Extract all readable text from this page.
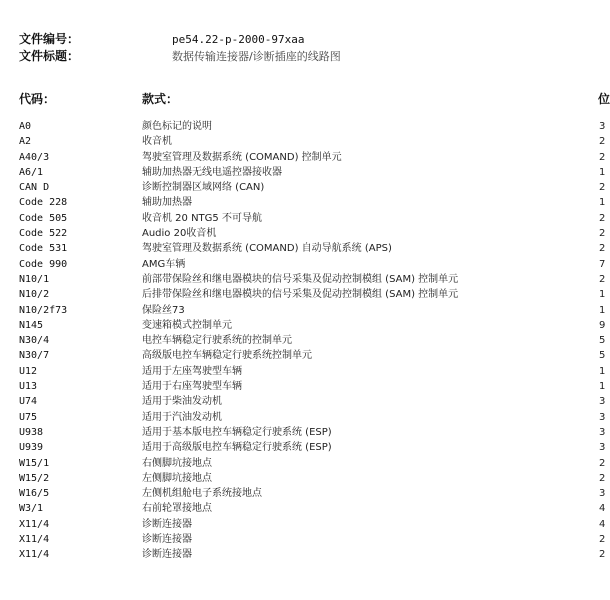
文件编号：	pe54.22-p-2000-97xaa
文件标题：	数据传输连接器/诊断插座的线路图
代码：	款式：	位
A0	颜色标记的说明	3
A2	收音机	2
A40/3	驾驶室管理及数据系统 (COMAND) 控制单元	2
A6/1	辅助加热器无线电遥控器接收器	1
CAN D	诊断控制器区域网络 (CAN)	2
Code 228	辅助加热器	1
Code 505	收音机 20 NTG5 不可导航	2
Code 522	Audio 20收音机	2
Code 531	驾驶室管理及数据系统 (COMAND) 自动导航系统 (APS)	2
Code 990	AMG车辆	7
N10/1	前部带保险丝和继电器模块的信号采集及促动控制模组 (SAM) 控制单元	2
N10/2	后排带保险丝和继电器模块的信号采集及促动控制模组 (SAM) 控制单元	1
N10/2f73	保险丝73	1
N145	变速箱模式控制单元	9
N30/4	电控车辆稳定行驶系统的控制单元	5
N30/7	高级版电控车辆稳定行驶系统控制单元	5
U12	适用于左座驾驶型车辆	1
U13	适用于右座驾驶型车辆	1
U74	适用于柴油发动机	3
U75	适用于汽油发动机	3
U938	适用于基本版电控车辆稳定行驶系统 (ESP)	3
U939	适用于高级版电控车辆稳定行驶系统 (ESP)	3
W15/1	右侧脚坑接地点	2
W15/2	左侧脚坑接地点	2
W16/5	左侧机组舱电子系统接地点	3
W3/1	右前轮罩接地点	4
X11/4	诊断连接器	4
X11/4	诊断连接器	2
X11/4	诊断连接器	2
